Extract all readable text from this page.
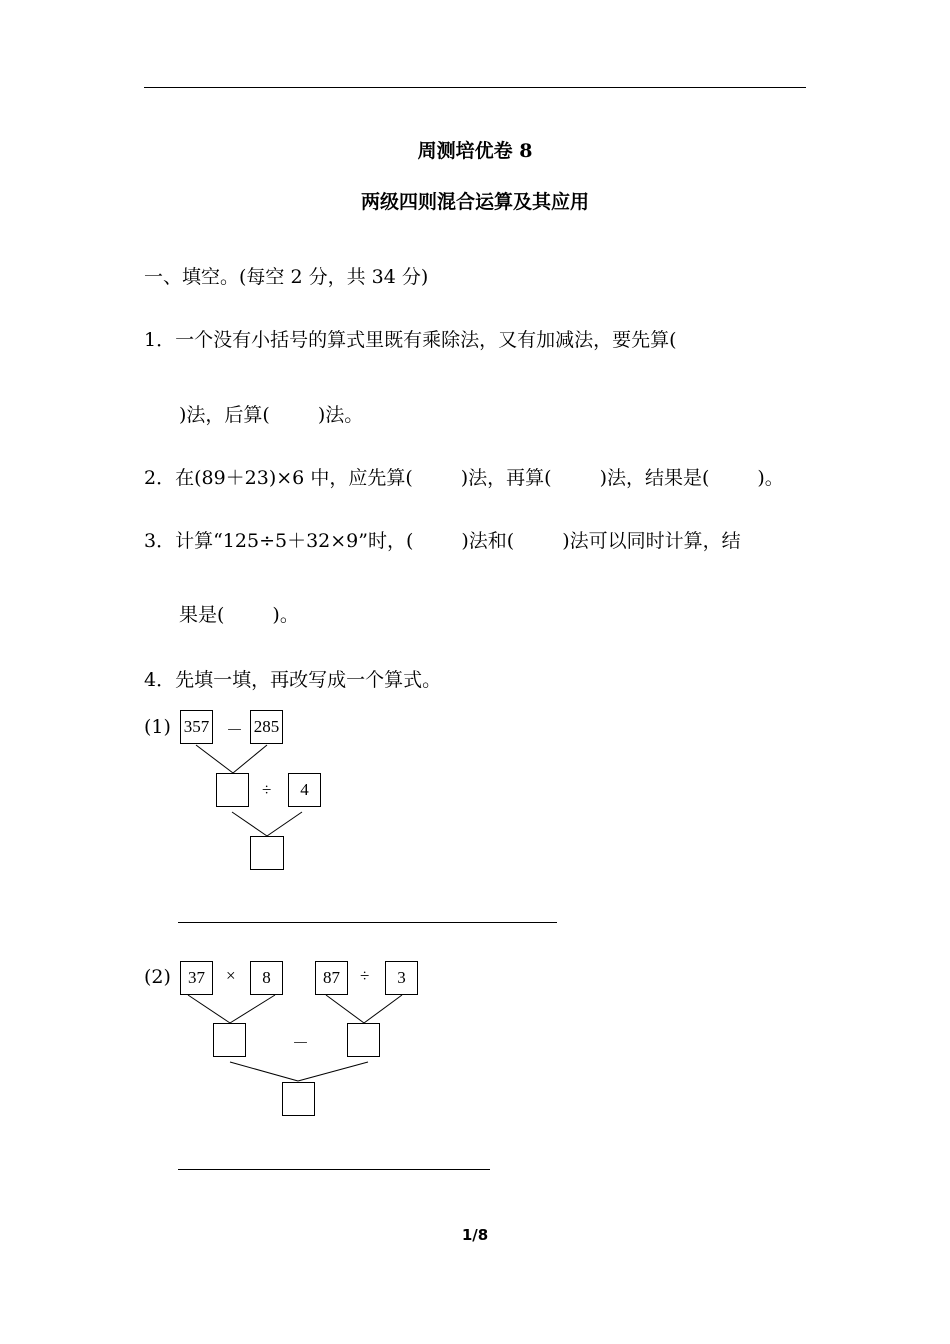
周测培优卷 8
两级四则混合运算及其应用
一、填空。(每空 2 分，共 34 分)
1．一个没有小括号的算式里既有乘除法，又有加减法，要先算(
)法，后算(	)法。
2．在(89＋23)×6 中，应先算(	)法，再算(	)法，结果是(	)。
3．计算“125÷5＋32×9”时，(	)法和(	)法可以同时计算，结
果是(	)。
4．先填一填，再改写成一个算式。
(1) 357 － 285
÷	4
(2)	37	×	8	87	÷	3
－
1/8
